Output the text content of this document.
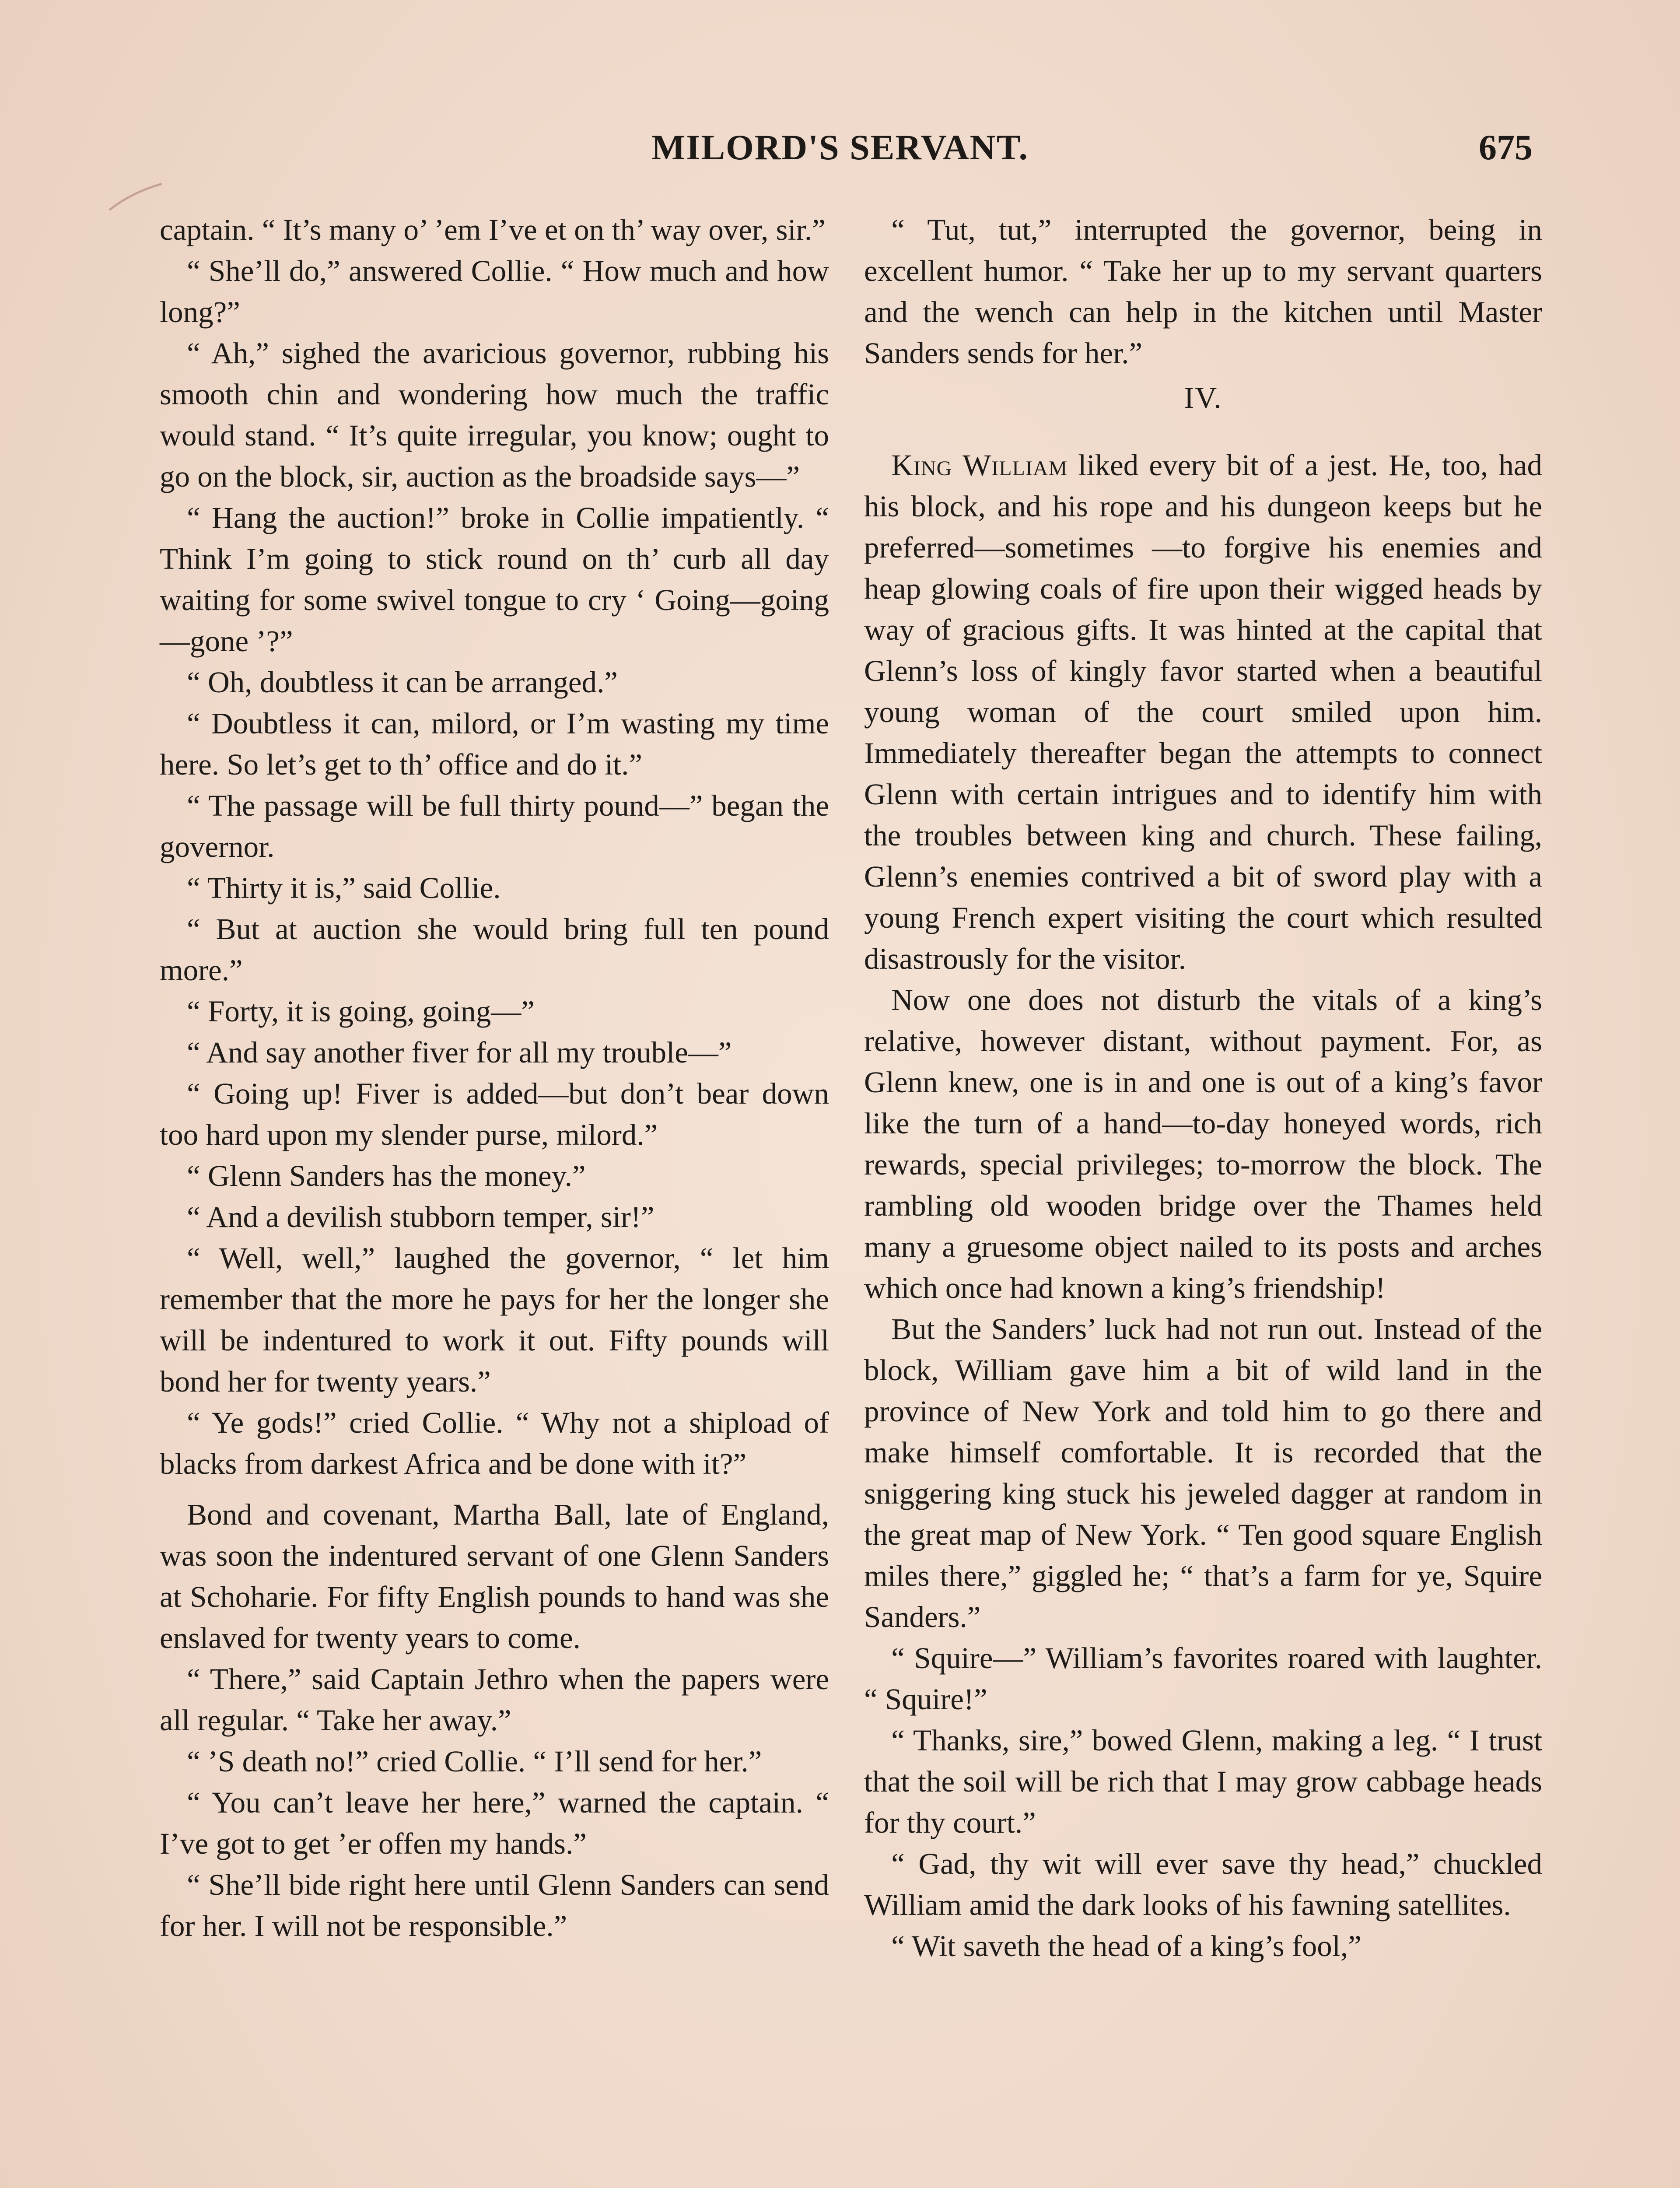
MILORD'S SERVANT.	675

captain. “ It’s many o’ ’em I’ve et on th’ way over, sir.”

“ She’ll do,” answered Collie. “ How much and how long?”

“ Ah,” sighed the avaricious governor, rubbing his smooth chin and wondering how much the traffic would stand. “ It’s quite irregular, you know; ought to go on the block, sir, auction as the broadside says—”

“ Hang the auction!” broke in Collie impatiently. “ Think I’m going to stick round on th’ curb all day waiting for some swivel tongue to cry ‘ Going—going—gone ’?”

“ Oh, doubtless it can be arranged.”

“ Doubtless it can, milord, or I’m wasting my time here. So let’s get to th’ office and do it.”

“ The passage will be full thirty pound—” began the governor.

“ Thirty it is,” said Collie.

“ But at auction she would bring full ten pound more.”

“ Forty, it is going, going—”

“ And say another fiver for all my trouble—”

“ Going up! Fiver is added—but don’t bear down too hard upon my slender purse, milord.”

“ Glenn Sanders has the money.”

“ And a devilish stubborn temper, sir!”

“ Well, well,” laughed the governor, “ let him remember that the more he pays for her the longer she will be indentured to work it out. Fifty pounds will bond her for twenty years.”

“ Ye gods!” cried Collie. “ Why not a shipload of blacks from darkest Africa and be done with it?”

Bond and covenant, Martha Ball, late of England, was soon the indentured servant of one Glenn Sanders at Schoharie. For fifty English pounds to hand was she enslaved for twenty years to come.

“ There,” said Captain Jethro when the papers were all regular. “ Take her away.”

“ ’S death no!” cried Collie. “ I’ll send for her.”

“ You can’t leave her here,” warned the captain. “ I’ve got to get ’er offen my hands.”

“ She’ll bide right here until Glenn Sanders can send for her. I will not be responsible.”

“ Tut, tut,” interrupted the governor, being in excellent humor. “ Take her up to my servant quarters and the wench can help in the kitchen until Master Sanders sends for her.”

IV.

King William liked every bit of a jest. He, too, had his block, and his rope and his dungeon keeps but he preferred—sometimes —to forgive his enemies and heap glowing coals of fire upon their wigged heads by way of gracious gifts. It was hinted at the capital that Glenn’s loss of kingly favor started when a beautiful young woman of the court smiled upon him. Immediately thereafter began the attempts to connect Glenn with certain intrigues and to identify him with the troubles between king and church. These failing, Glenn’s enemies contrived a bit of sword play with a young French expert visiting the court which resulted disastrously for the visitor.

Now one does not disturb the vitals of a king’s relative, however distant, without payment. For, as Glenn knew, one is in and one is out of a king’s favor like the turn of a hand—to-day honeyed words, rich rewards, special privileges; to-morrow the block. The rambling old wooden bridge over the Thames held many a gruesome object nailed to its posts and arches which once had known a king’s friendship!

But the Sanders’ luck had not run out. Instead of the block, William gave him a bit of wild land in the province of New York and told him to go there and make himself comfortable. It is recorded that the sniggering king stuck his jeweled dagger at random in the great map of New York. “ Ten good square English miles there,” giggled he; “ that’s a farm for ye, Squire Sanders.”

“ Squire—” William’s favorites roared with laughter. “ Squire!”

“ Thanks, sire,” bowed Glenn, making a leg. “ I trust that the soil will be rich that I may grow cabbage heads for thy court.”

“ Gad, thy wit will ever save thy head,” chuckled William amid the dark looks of his fawning satellites.

“ Wit saveth the head of a king’s fool,”
